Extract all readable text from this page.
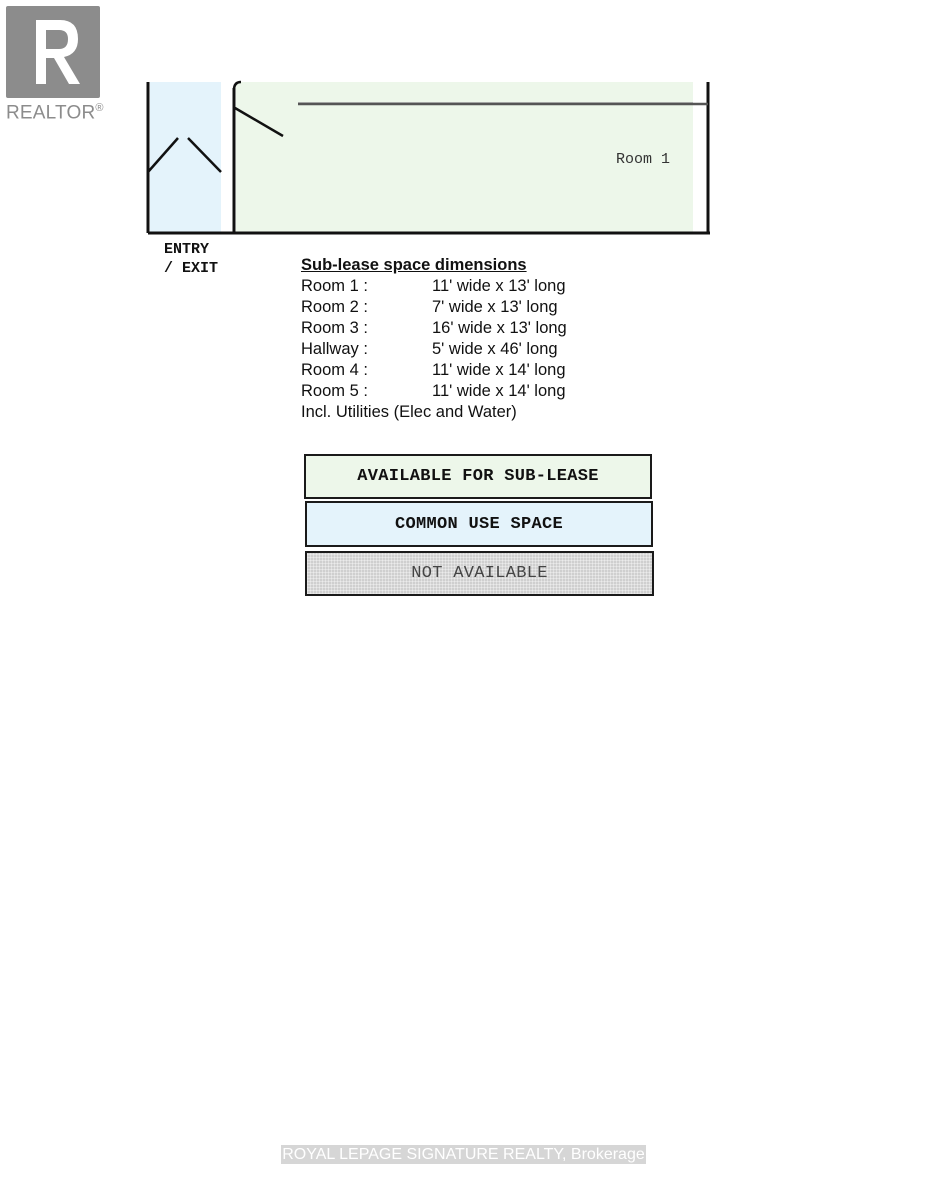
REALTOR®
Room 1
ENTRY
/ EXIT	Sub-lease space dimensions
Room 1 :	11' wide x 13' long
Room 2 :	7' wide x 13' long
Room 3 :	16' wide x 13' long
Hallway :	5' wide x 46' long
Room 4 :	11' wide x 14' long
Room 5 :	11' wide x 14' long
Incl. Utilities (Elec and Water)
AVAILABLE FOR SUB-LEASE
COMMON USE SPACE
NOT AVAILABLE
ROYAL LEPAGE SIGNATURE REALTY, Brokerage
